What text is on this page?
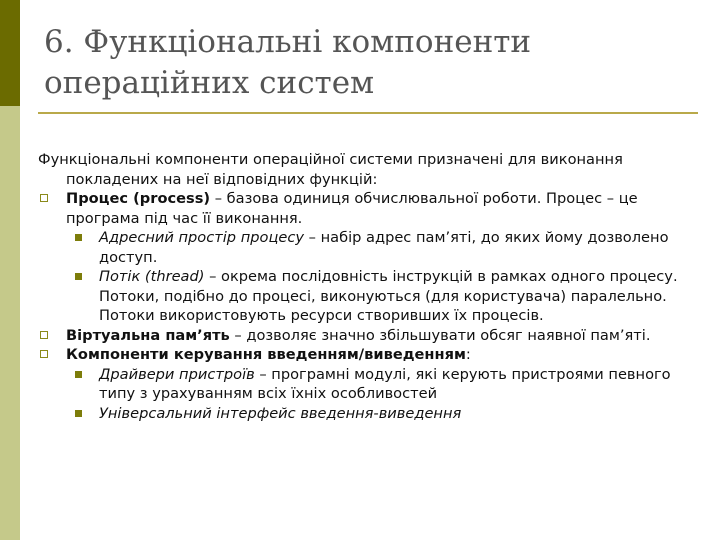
6. Функціональні компоненти
операційних систем

Функціональні компоненти операційної системи призначені для виконання покладених на неї відповідних функцій:

Процес (process) – базова одиниця обчислювальної роботи. Процес – це програма під час її виконання.
Адресний простір процесу – набір адрес пам’яті, до яких йому дозволено доступ.
Потік (thread) – окрема послідовність інструкцій в рамках одного процесу. Потоки, подібно до процесі, виконуються (для користувача) паралельно. Потоки використовують ресурси створивших їх процесів.
Віртуальна пам’ять – дозволяє значно збільшувати обсяг наявної пам’яті.
Компоненти керування введенням/виведенням:
Драйвери пристроїв – програмні модулі, які керують пристроями певного типу з урахуванням всіх їхніх особливостей
Універсальний інтерфейс введення-виведення
